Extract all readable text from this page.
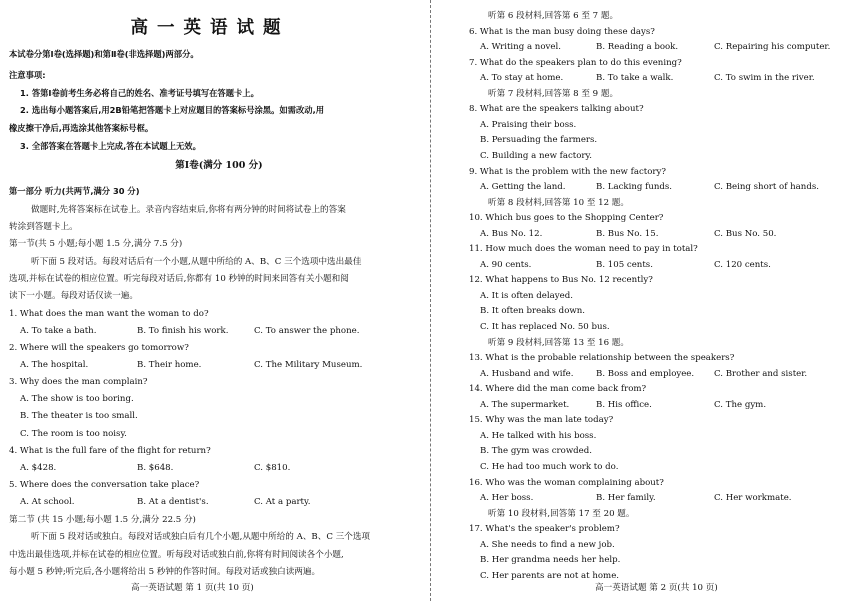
高一英语试题
本试卷分第Ⅰ卷(选择题)和第Ⅱ卷(非选择题)两部分。
注意事项:
1. 答第Ⅰ卷前考生务必将自己的姓名、准考证号填写在答题卡上。
2. 选出每小题答案后,用2B铅笔把答题卡上对应题目的答案标号涂黑。如需改动,用
橡皮擦干净后,再选涂其他答案标号框。
3. 全部答案在答题卡上完成,答在本试题上无效。
第Ⅰ卷(满分 100 分)
第一部分 听力(共两节,满分 30 分)
做题时,先将答案标在试卷上。录音内容结束后,你将有两分钟的时间将试卷上的答案
转涂到答题卡上。
第一节(共 5 小题;每小题 1.5 分,满分 7.5 分)
听下面 5 段对话。每段对话后有一个小题,从题中所给的 A、B、C 三个选项中选出最佳
选项,并标在试卷的相应位置。听完每段对话后,你都有 10 秒钟的时间来回答有关小题和阅
读下一小题。每段对话仅读一遍。
1. What does the man want the woman to do?
A. To take a bath.	B. To finish his work.	C. To answer the phone.
2. Where will the speakers go tomorrow?
A. The hospital.	B. Their home.	C. The Military Museum.
3. Why does the man complain?
A. The show is too boring.
B. The theater is too small.
C. The room is too noisy.
4. What is the full fare of the flight for return?
A. $428.	B. $648.	C. $810.
5. Where does the conversation take place?
A. At school.	B. At a dentist's.	C. At a party.
第二节 (共 15 小题;每小题 1.5 分,满分 22.5 分)
听下面 5 段对话或独白。每段对话或独白后有几个小题,从题中所给的 A、B、C 三个选项
中选出最佳选项,并标在试卷的相应位置。听每段对话或独白前,你将有时间阅读各个小题,
每小题 5 秒钟;听完后,各小题将给出 5 秒钟的作答时间。每段对话或独白读两遍。
高一英语试题 第 1 页(共 10 页)
听第 6 段材料,回答第 6 至 7 题。
6. What is the man busy doing these days?
A. Writing a novel.	B. Reading a book.	C. Repairing his computer.
7. What do the speakers plan to do this evening?
A. To stay at home.	B. To take a walk.	C. To swim in the river.
听第 7 段材料,回答第 8 至 9 题。
8. What are the speakers talking about?
A. Praising their boss.
B. Persuading the farmers.
C. Building a new factory.
9. What is the problem with the new factory?
A. Getting the land.	B. Lacking funds.	C. Being short of hands.
听第 8 段材料,回答第 10 至 12 题。
10. Which bus goes to the Shopping Center?
A. Bus No. 12.	B. Bus No. 15.	C. Bus No. 50.
11. How much does the woman need to pay in total?
A. 90 cents.	B. 105 cents.	C. 120 cents.
12. What happens to Bus No. 12 recently?
A. It is often delayed.
B. It often breaks down.
C. It has replaced No. 50 bus.
听第 9 段材料,回答第 13 至 16 题。
13. What is the probable relationship between the speakers?
A. Husband and wife.	B. Boss and employee. C. Brother and sister.
14. Where did the man come back from?
A. The supermarket.	B. His office.	C. The gym.
15. Why was the man late today?
A. He talked with his boss.
B. The gym was crowded.
C. He had too much work to do.
16. Who was the woman complaining about?
A. Her boss.	B. Her family.	C. Her workmate.
听第 10 段材料,回答第 17 至 20 题。
17. What's the speaker's problem?
A. She needs to find a new job.
B. Her grandma needs her help.
C. Her parents are not at home.
高一英语试题 第 2 页(共 10 页)
